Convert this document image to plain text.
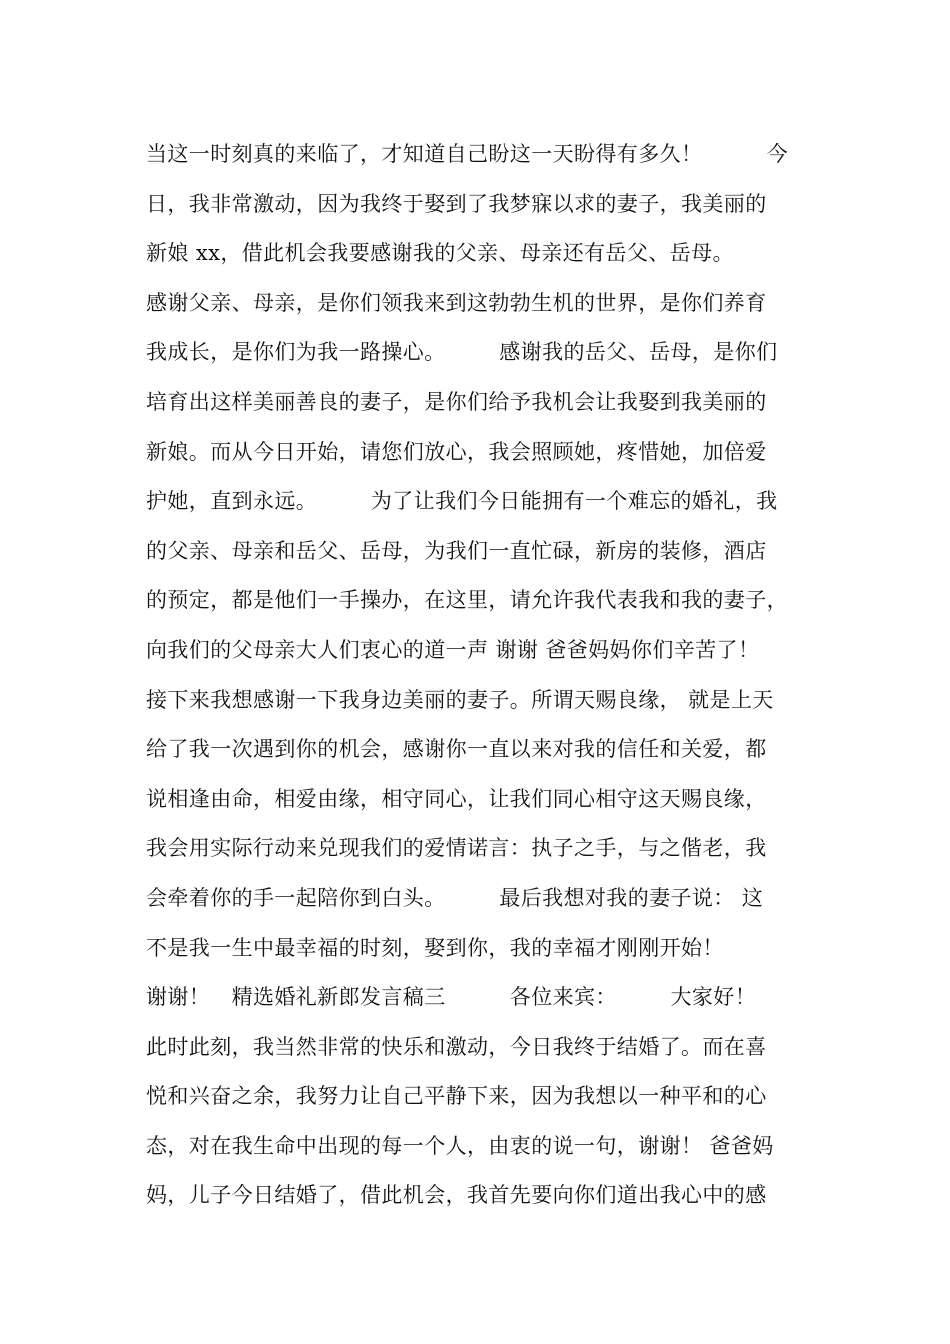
当这一时刻真的来临了，才知道自己盼这一天盼得有多久！　　　今
日，我非常激动，因为我终于娶到了我梦寐以求的妻子，我美丽的
新娘 xx，借此机会我要感谢我的父亲、母亲还有岳父、岳母。
感谢父亲、母亲，是你们领我来到这勃勃生机的世界，是你们养育
我成长，是你们为我一路操心。　　　感谢我的岳父、岳母，是你们
培育出这样美丽善良的妻子，是你们给予我机会让我娶到我美丽的
新娘。而从今日开始，请您们放心，我会照顾她，疼惜她，加倍爱
护她，直到永远。　　　为了让我们今日能拥有一个难忘的婚礼，我
的父亲、母亲和岳父、岳母，为我们一直忙碌，新房的装修，酒店
的预定，都是他们一手操办，在这里，请允许我代表我和我的妻子，
向我们的父母亲大人们衷心的道一声 谢谢 爸爸妈妈你们辛苦了！
接下来我想感谢一下我身边美丽的妻子。所谓天赐良缘， 就是上天
给了我一次遇到你的机会，感谢你一直以来对我的信任和关爱，都
说相逢由命，相爱由缘，相守同心，让我们同心相守这天赐良缘，
我会用实际行动来兑现我们的爱情诺言：执子之手，与之偕老，我
会牵着你的手一起陪你到白头。　　　最后我想对我的妻子说： 这
不是我一生中最幸福的时刻，娶到你，我的幸福才刚刚开始！
谢谢！　精选婚礼新郎发言稿三　　　各位来宾：　　　大家好！
此时此刻，我当然非常的快乐和激动，今日我终于结婚了。而在喜
悦和兴奋之余，我努力让自己平静下来，因为我想以一种平和的心
态，对在我生命中出现的每一个人，由衷的说一句，谢谢！ 爸爸妈
妈，儿子今日结婚了，借此机会，我首先要向你们道出我心中的感
